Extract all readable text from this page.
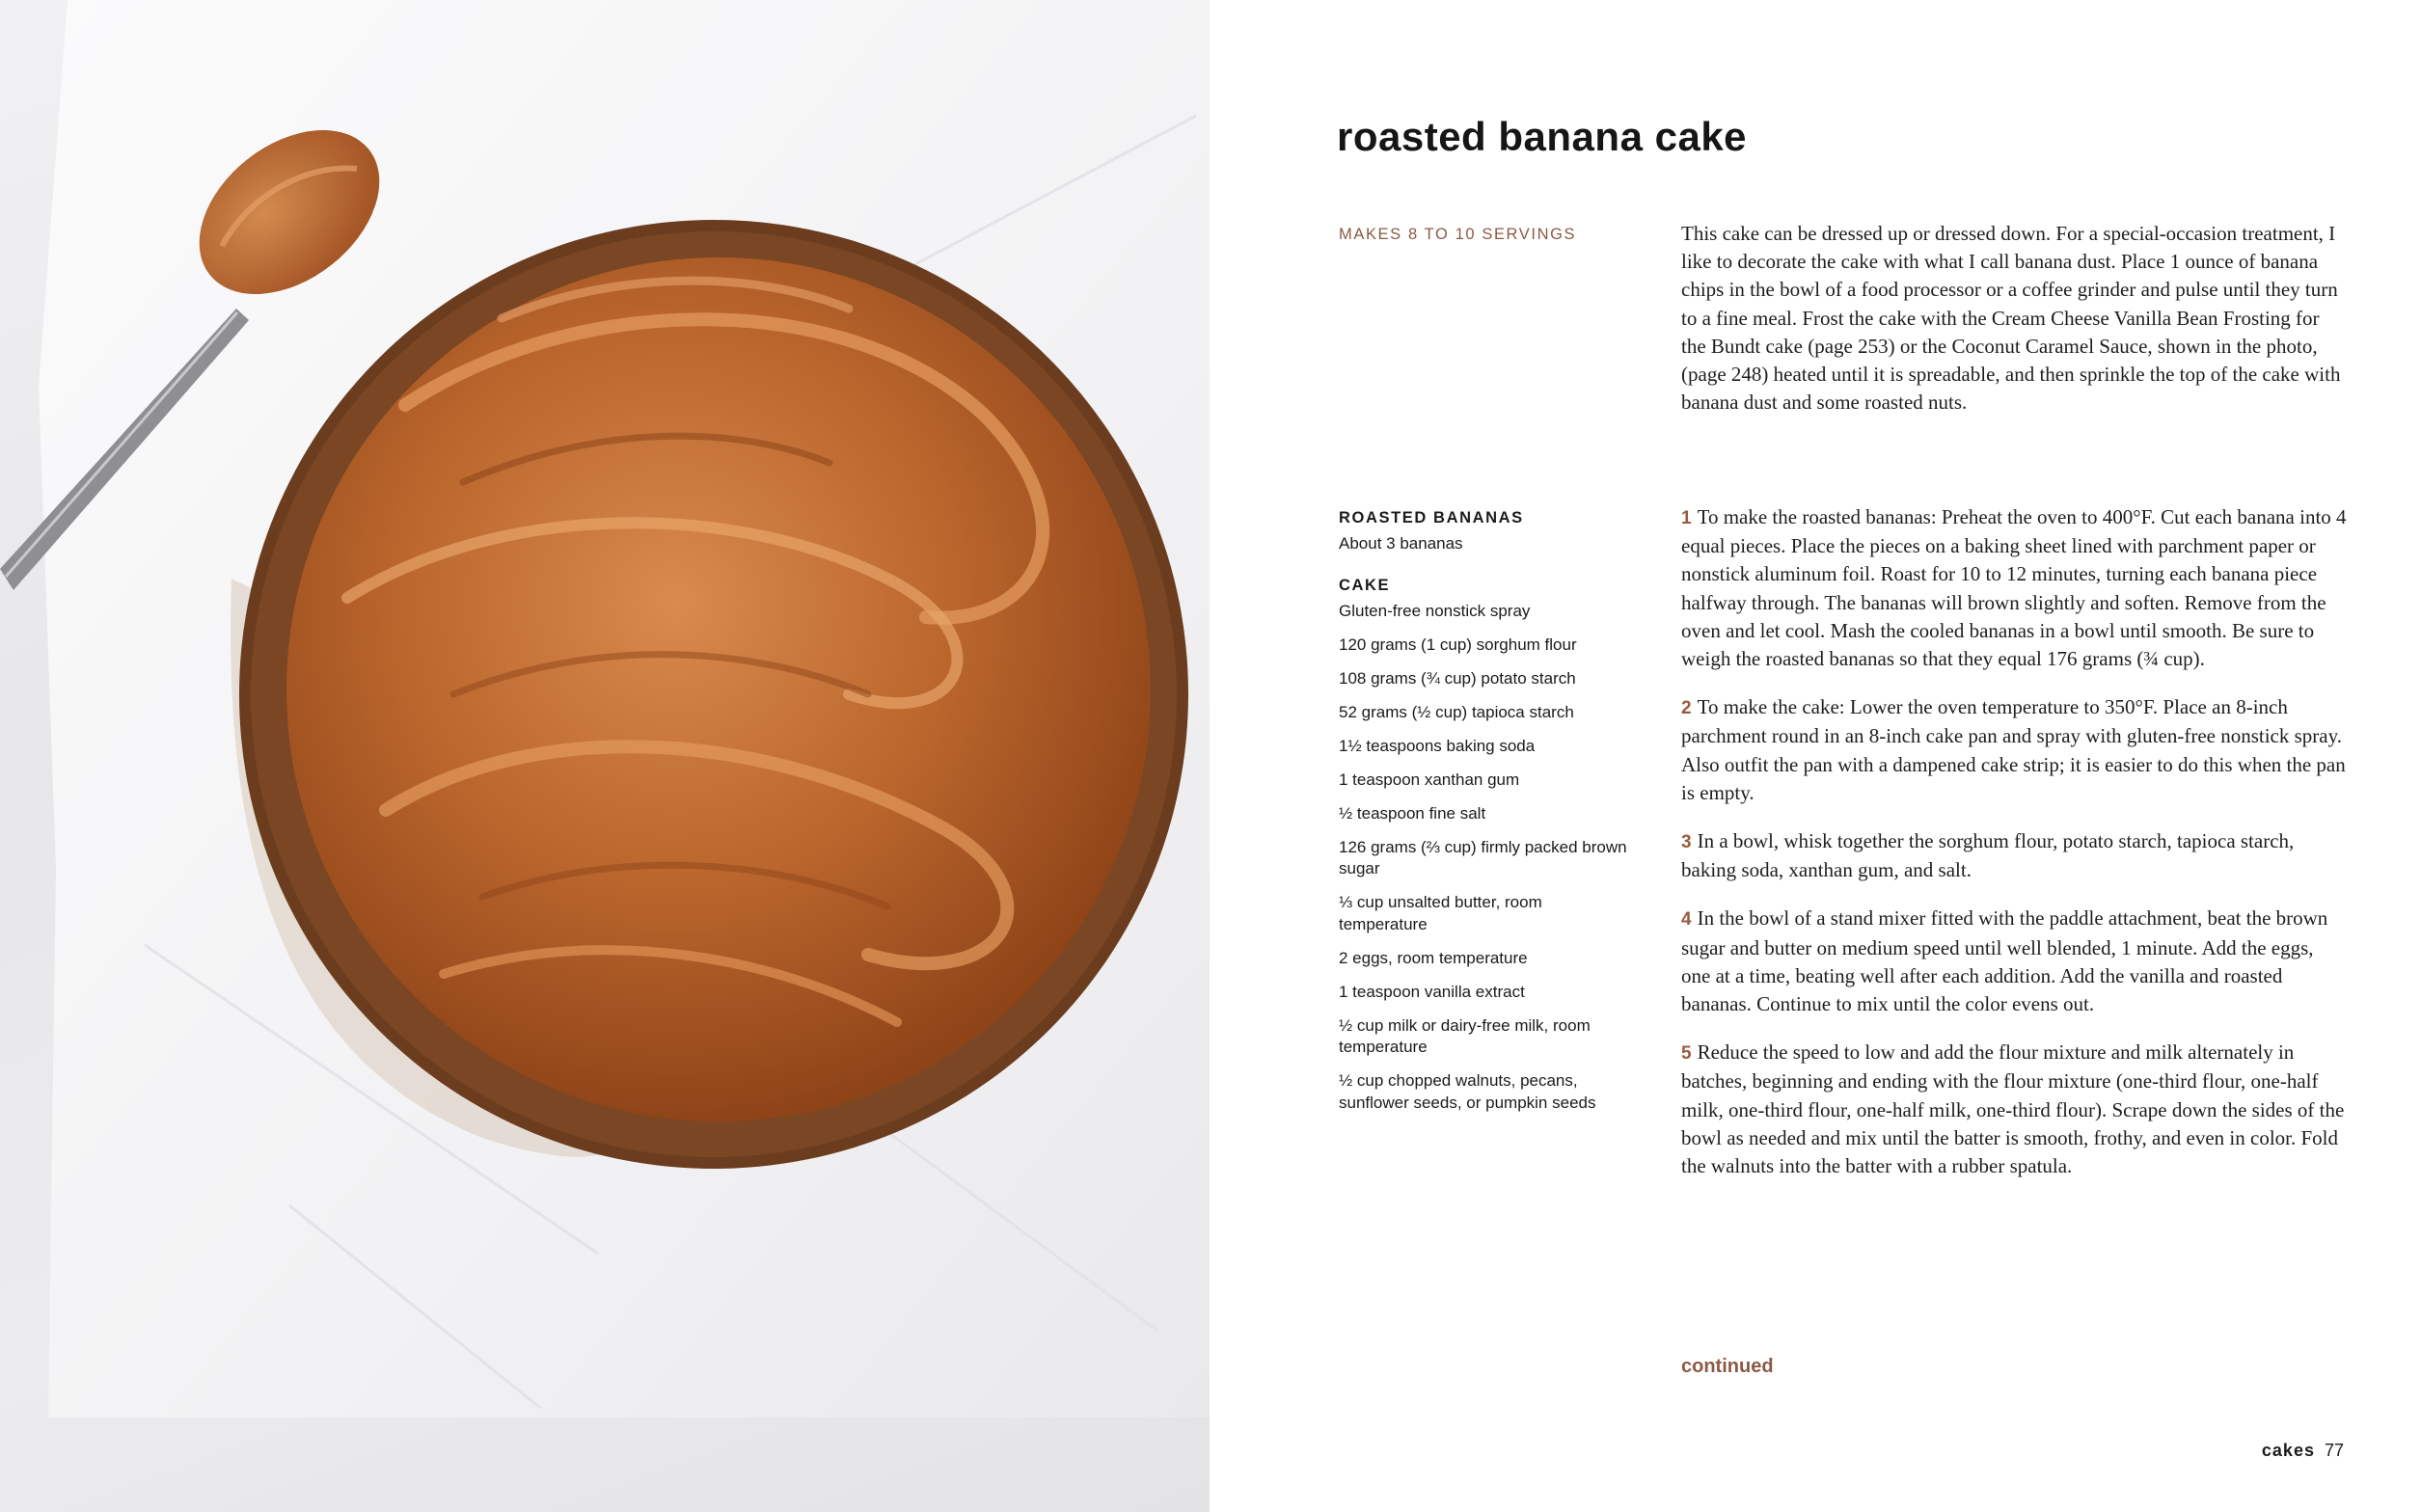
roasted banana cake
MAKES 8 TO 10 SERVINGS	This cake can be dressed up or dressed down. For a special-occasion treatment, I like to decorate the cake with what I call banana dust. Place 1 ounce of banana chips in the bowl of a food processor or a coffee grinder and pulse until they turn to a fine meal. Frost the cake with the Cream Cheese Vanilla Bean Frosting for the Bundt cake (page 253) or the Coconut Caramel Sauce, shown in the photo, (page 248) heated until it is spreadable, and then sprinkle the top of the cake with banana dust and some roasted nuts.

ROASTED BANANAS
About 3 bananas
CAKE
Gluten-free nonstick spray
120 grams (1 cup) sorghum flour
108 grams (¾ cup) potato starch
52 grams (½ cup) tapioca starch
1½ teaspoons baking soda
1 teaspoon xanthan gum
½ teaspoon fine salt
126 grams (⅔ cup) firmly packed brown sugar
⅓ cup unsalted butter, room temperature
2 eggs, room temperature
1 teaspoon vanilla extract
½ cup milk or dairy-free milk, room temperature
½ cup chopped walnuts, pecans, sunflower seeds, or pumpkin seeds

1 To make the roasted bananas: Preheat the oven to 400°F. Cut each banana into 4 equal pieces. Place the pieces on a baking sheet lined with parchment paper or nonstick aluminum foil. Roast for 10 to 12 minutes, turning each banana piece halfway through. The bananas will brown slightly and soften. Remove from the oven and let cool. Mash the cooled bananas in a bowl until smooth. Be sure to weigh the roasted bananas so that they equal 176 grams (¾ cup).

2 To make the cake: Lower the oven temperature to 350°F. Place an 8-inch parchment round in an 8-inch cake pan and spray with gluten-free nonstick spray. Also outfit the pan with a dampened cake strip; it is easier to do this when the pan is empty.

3 In a bowl, whisk together the sorghum flour, potato starch, tapioca starch, baking soda, xanthan gum, and salt.

4 In the bowl of a stand mixer fitted with the paddle attachment, beat the brown sugar and butter on medium speed until well blended, 1 minute. Add the eggs, one at a time, beating well after each addition. Add the vanilla and roasted bananas. Continue to mix until the color evens out.

5 Reduce the speed to low and add the flour mixture and milk alternately in batches, beginning and ending with the flour mixture (one-third flour, one-half milk, one-third flour, one-half milk, one-third flour). Scrape down the sides of the bowl as needed and mix until the batter is smooth, frothy, and even in color. Fold the walnuts into the batter with a rubber spatula.

continued
cakes 77
